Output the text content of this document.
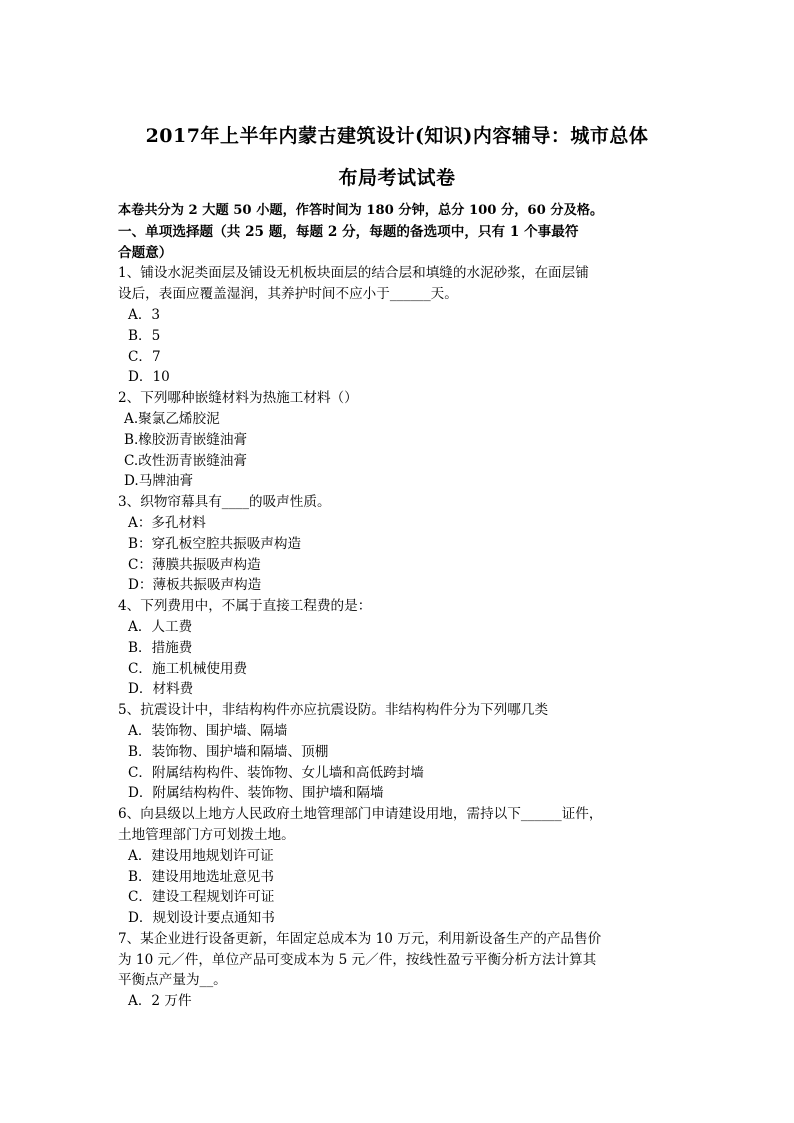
2017年上半年内蒙古建筑设计(知识)内容辅导：城市总体
布局考试试卷
本卷共分为 2 大题 50 小题，作答时间为 180 分钟，总分 100 分，60 分及格。
一、单项选择题（共 25 题，每题 2 分，每题的备选项中，只有 1 个事最符
合题意）
1、铺设水泥类面层及铺设无机板块面层的结合层和填缝的水泥砂浆，在面层铺
设后，表面应覆盖湿润，其养护时间不应小于______天。
A．3
B．5
C．7
D．10
2、下列哪种嵌缝材料为热施工材料（）
A.聚氯乙烯胶泥
B.橡胶沥青嵌缝油膏
C.改性沥青嵌缝油膏
D.马牌油膏
3、织物帘幕具有____的吸声性质。
A：多孔材料
B：穿孔板空腔共振吸声构造
C：薄膜共振吸声构造
D：薄板共振吸声构造
4、下列费用中，不属于直接工程费的是：
A．人工费
B．措施费
C．施工机械使用费
D．材料费
5、抗震设计中，非结构构件亦应抗震设防。非结构构件分为下列哪几类
A．装饰物、围护墙、隔墙
B．装饰物、围护墙和隔墙、顶棚
C．附属结构构件、装饰物、女儿墙和高低跨封墙
D．附属结构构件、装饰物、围护墙和隔墙
6、向县级以上地方人民政府土地管理部门申请建设用地，需持以下______证件，
土地管理部门方可划拨土地。
A．建设用地规划许可证
B．建设用地选址意见书
C．建设工程规划许可证
D．规划设计要点通知书
7、某企业进行设备更新，年固定总成本为 10 万元，利用新设备生产的产品售价
为 10 元／件，单位产品可变成本为 5 元／件，按线性盈亏平衡分析方法计算其
平衡点产量为__。
A．2 万件
